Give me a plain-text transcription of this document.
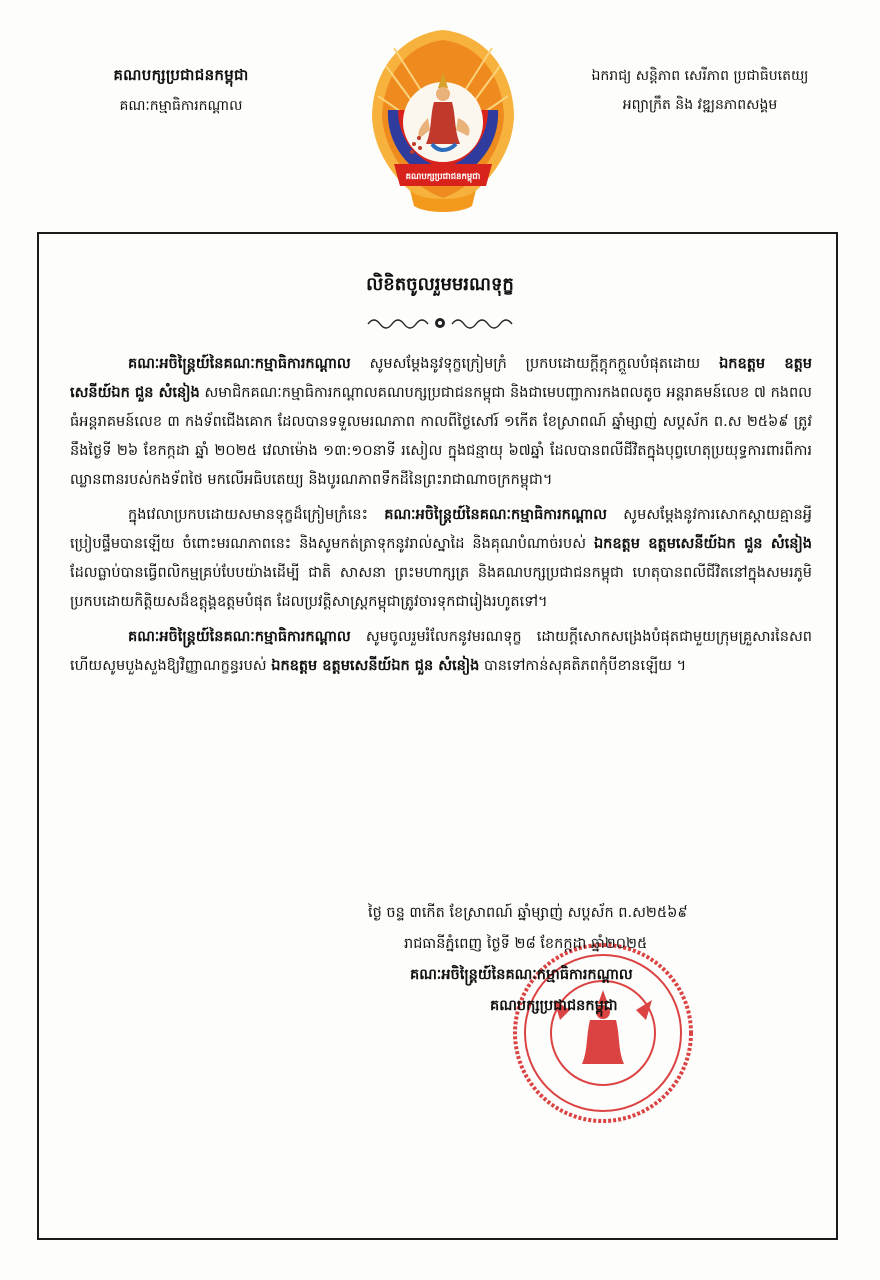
គណបក្សប្រជាជនកម្ពុជា
គណៈកម្មាធិការកណ្តាល
គណបក្សប្រជាជនកម្ពុជា
ឯករាជ្យ សន្តិភាព សេរីភាព ប្រជាធិបតេយ្យ
អព្យាក្រឹត និង វឌ្ឍនភាពសង្គម
លិខិតចូលរួមមរណទុក្ខ

គណៈអចិន្ត្រៃយ៍នៃគណៈកម្មាធិការកណ្តាល សូមសម្តែងនូវទុក្ខក្រៀមក្រំ ប្រកបដោយក្តីក្តុកក្តួលបំផុតដោយ ឯកឧត្តម ឧត្តមសេនីយ៍ឯក ជួន សំនៀង សមាជិកគណៈកម្មាធិការកណ្តាលគណបក្សប្រជាជនកម្ពុជា និងជាមេបញ្ជាការកងពលតូច អន្តរាគមន៍លេខ ៧ កងពលធំអន្តរាគមន៍លេខ ៣ កងទ័ពជើងគោក ដែលបានទទួលមរណភាព កាលពីថ្ងៃសៅរ៍ ១កើត ខែស្រាពណ៍ ឆ្នាំម្សាញ់ សប្តស័ក ព.ស ២៥៦៩ ត្រូវនឹងថ្ងៃទី ២៦ ខែកក្កដា ឆ្នាំ ២០២៥ វេលាម៉ោង ១៣:១០នាទី រសៀល ក្នុងជន្មាយុ ៦៧ឆ្នាំ ដែលបានពលីជីវិតក្នុងបុព្វហេតុប្រយុទ្ធការពារពីការឈ្លានពានរបស់កងទ័ពថៃ មកលើអធិបតេយ្យ និងបូរណភាពទឹកដីនៃព្រះរាជាណាចក្រកម្ពុជា។

ក្នុងវេលាប្រកបដោយសមានទុក្ខដ៏ក្រៀមក្រំនេះ គណៈអចិន្ត្រៃយ៍នៃគណៈកម្មាធិការកណ្តាល សូមសម្តែងនូវការសោកស្តាយគ្មានអ្វីប្រៀបផ្ទឹមបានឡើយ ចំពោះមរណភាពនេះ និងសូមកត់ត្រាទុកនូវរាល់ស្នាដៃ និងគុណបំណាច់របស់ ឯកឧត្តម ឧត្តមសេនីយ៍ឯក ជួន សំនៀង ដែលធ្លាប់បានធ្វើពលិកម្មគ្រប់បែបយ៉ាងដើម្បី ជាតិ សាសនា ព្រះមហាក្សត្រ និងគណបក្សប្រជាជនកម្ពុជា ហេតុបានពលីជីវិតនៅក្នុងសមរភូមិប្រកបដោយកិត្តិយសដ៏ឧត្តុង្គឧត្តមបំផុត ដែលប្រវត្តិសាស្ត្រកម្ពុជាត្រូវចារទុកជារៀងរហូតទៅ។

គណៈអចិន្ត្រៃយ៍នៃគណៈកម្មាធិការកណ្តាល សូមចូលរួមរំលែកនូវមរណទុក្ខ ដោយក្តីសោកសង្រេងបំផុតជាមួយក្រុមគ្រួសារនៃសព ហើយសូមបួងសួងឱ្យវិញ្ញាណក្ខន្ធរបស់ ឯកឧត្តម ឧត្តមសេនីយ៍ឯក ជួន សំនៀង បានទៅកាន់សុគតិភពកុំបីខានឡើយ ។

ថ្ងៃ ចន្ទ ៣កើត ខែស្រាពណ៍ ឆ្នាំម្សាញ់ សប្តស័ក ព.ស២៥៦៩
រាជធានីភ្នំពេញ ថ្ងៃទី ២៨ ខែកក្កដា ឆ្នាំ២០២៥
គណៈអចិន្ត្រៃយ៍នៃគណៈកម្មាធិការកណ្តាល
គណបក្សប្រជាជនកម្ពុជា
